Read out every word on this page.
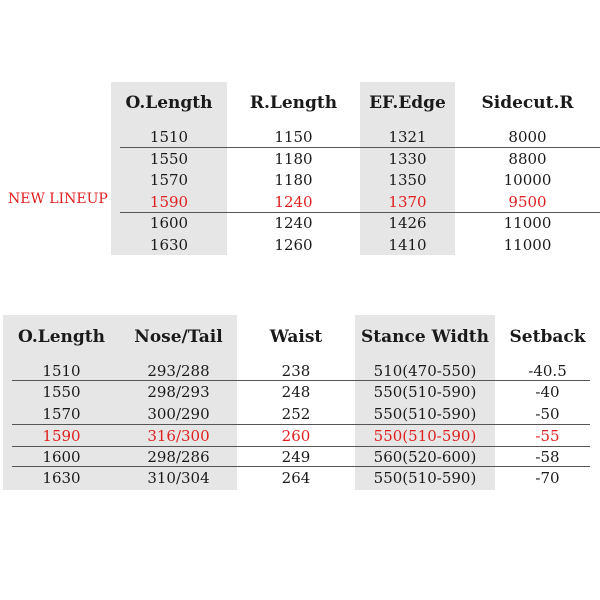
O.Length	R.Length	EF.Edge	Sidecut.R
1510	1150	1321	8000
1550	1180	1330	8800
1570	1180	1350	10000
1590	1240	1370	9500
1600	1240	1426	11000
1630	1260	1410	11000
NEW LINEUP
O.Length	Nose/Tail	Waist	Stance Width	Setback
1510	293/288	238	510(470-550)	-40.5
1550	298/293	248	550(510-590)	-40
1570	300/290	252	550(510-590)	-50
1590	316/300	260	550(510-590)	-55
1600	298/286	249	560(520-600)	-58
1630	310/304	264	550(510-590)	-70
